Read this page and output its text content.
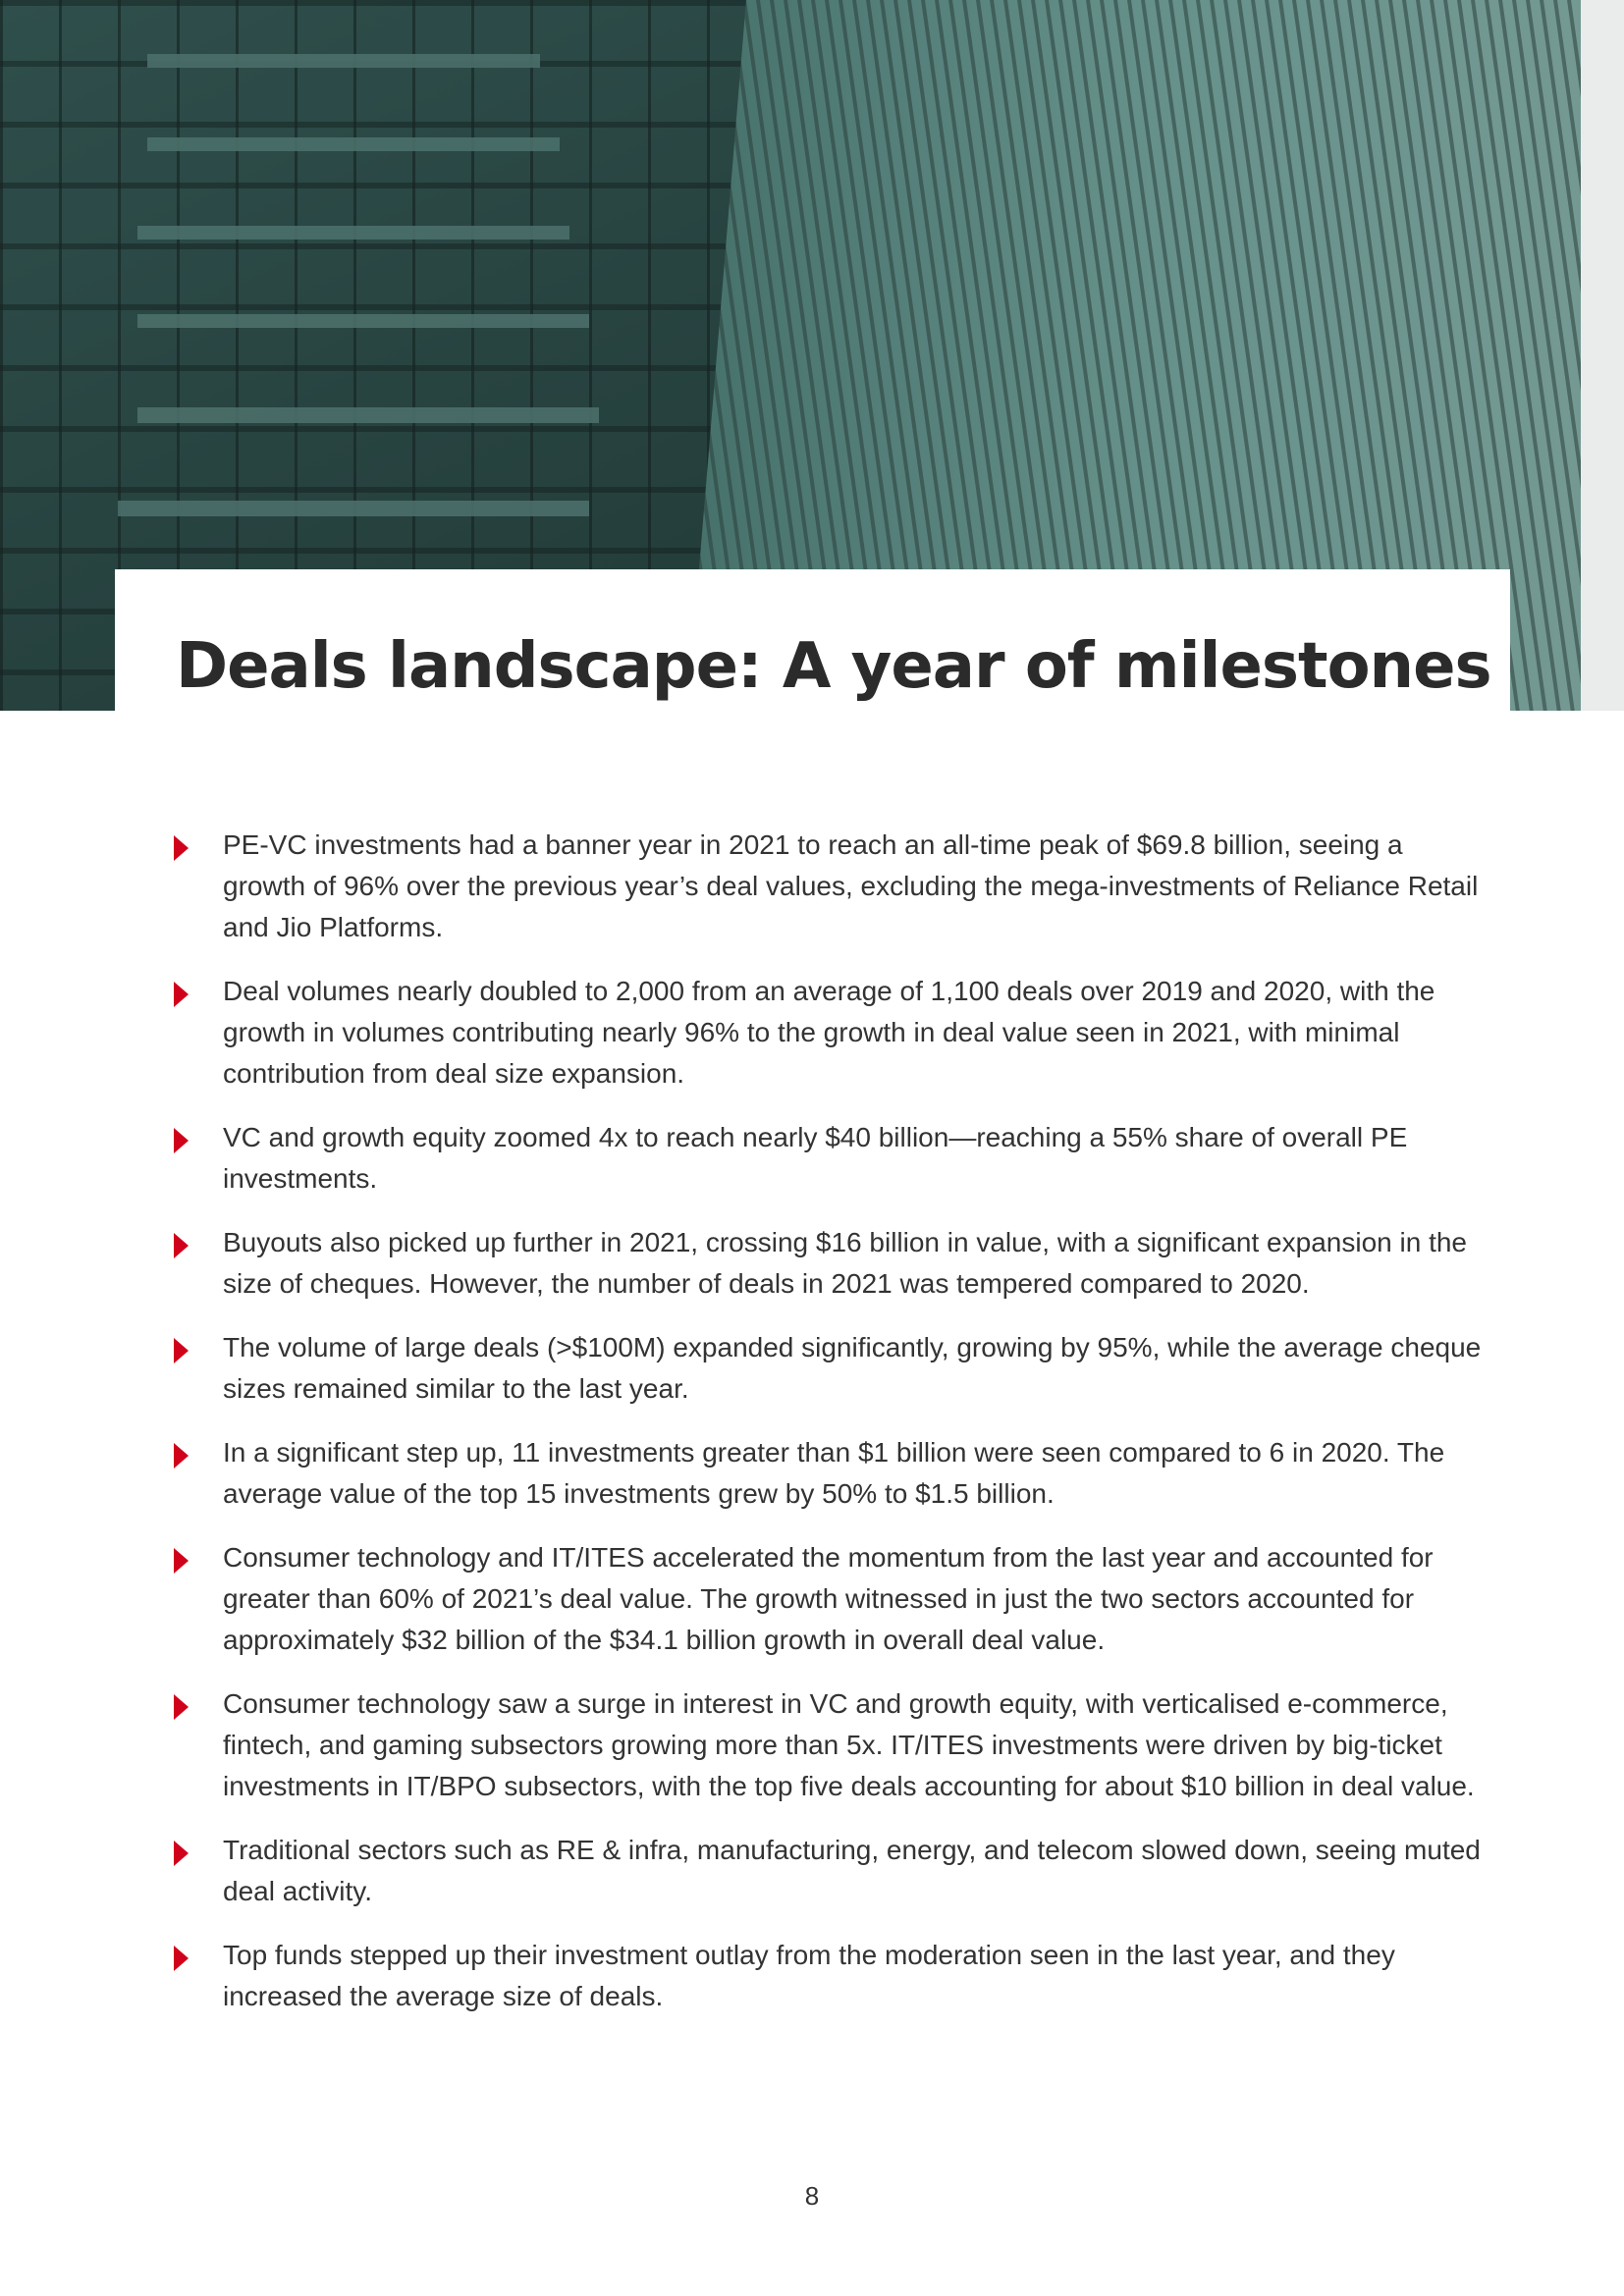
Deals landscape: A year of milestones
PE-VC investments had a banner year in 2021 to reach an all-time peak of $69.8 billion, seeing a growth of 96% over the previous year’s deal values, excluding the mega-investments of Reliance Retail and Jio Platforms.
Deal volumes nearly doubled to 2,000 from an average of 1,100 deals over 2019 and 2020, with the growth in volumes contributing nearly 96% to the growth in deal value seen in 2021, with minimal contribution from deal size expansion.
VC and growth equity zoomed 4x to reach nearly $40 billion—reaching a 55% share of overall PE investments.
Buyouts also picked up further in 2021, crossing $16 billion in value, with a significant expansion in the size of cheques. However, the number of deals in 2021 was tempered compared to 2020.
The volume of large deals (>$100M) expanded significantly, growing by 95%, while the average cheque sizes remained similar to the last year.
In a significant step up, 11 investments greater than $1 billion were seen compared to 6 in 2020. The average value of the top 15 investments grew by 50% to $1.5 billion.
Consumer technology and IT/ITES accelerated the momentum from the last year and accounted for greater than 60% of 2021’s deal value. The growth witnessed in just the two sectors accounted for approximately $32 billion of the $34.1 billion growth in overall deal value.
Consumer technology saw a surge in interest in VC and growth equity, with verticalised e-commerce, fintech, and gaming subsectors growing more than 5x. IT/ITES investments were driven by big-ticket investments in IT/BPO subsectors, with the top five deals accounting for about $10 billion in deal value.
Traditional sectors such as RE & infra, manufacturing, energy, and telecom slowed down, seeing muted deal activity.
Top funds stepped up their investment outlay from the moderation seen in the last year, and they increased the average size of deals.
8
